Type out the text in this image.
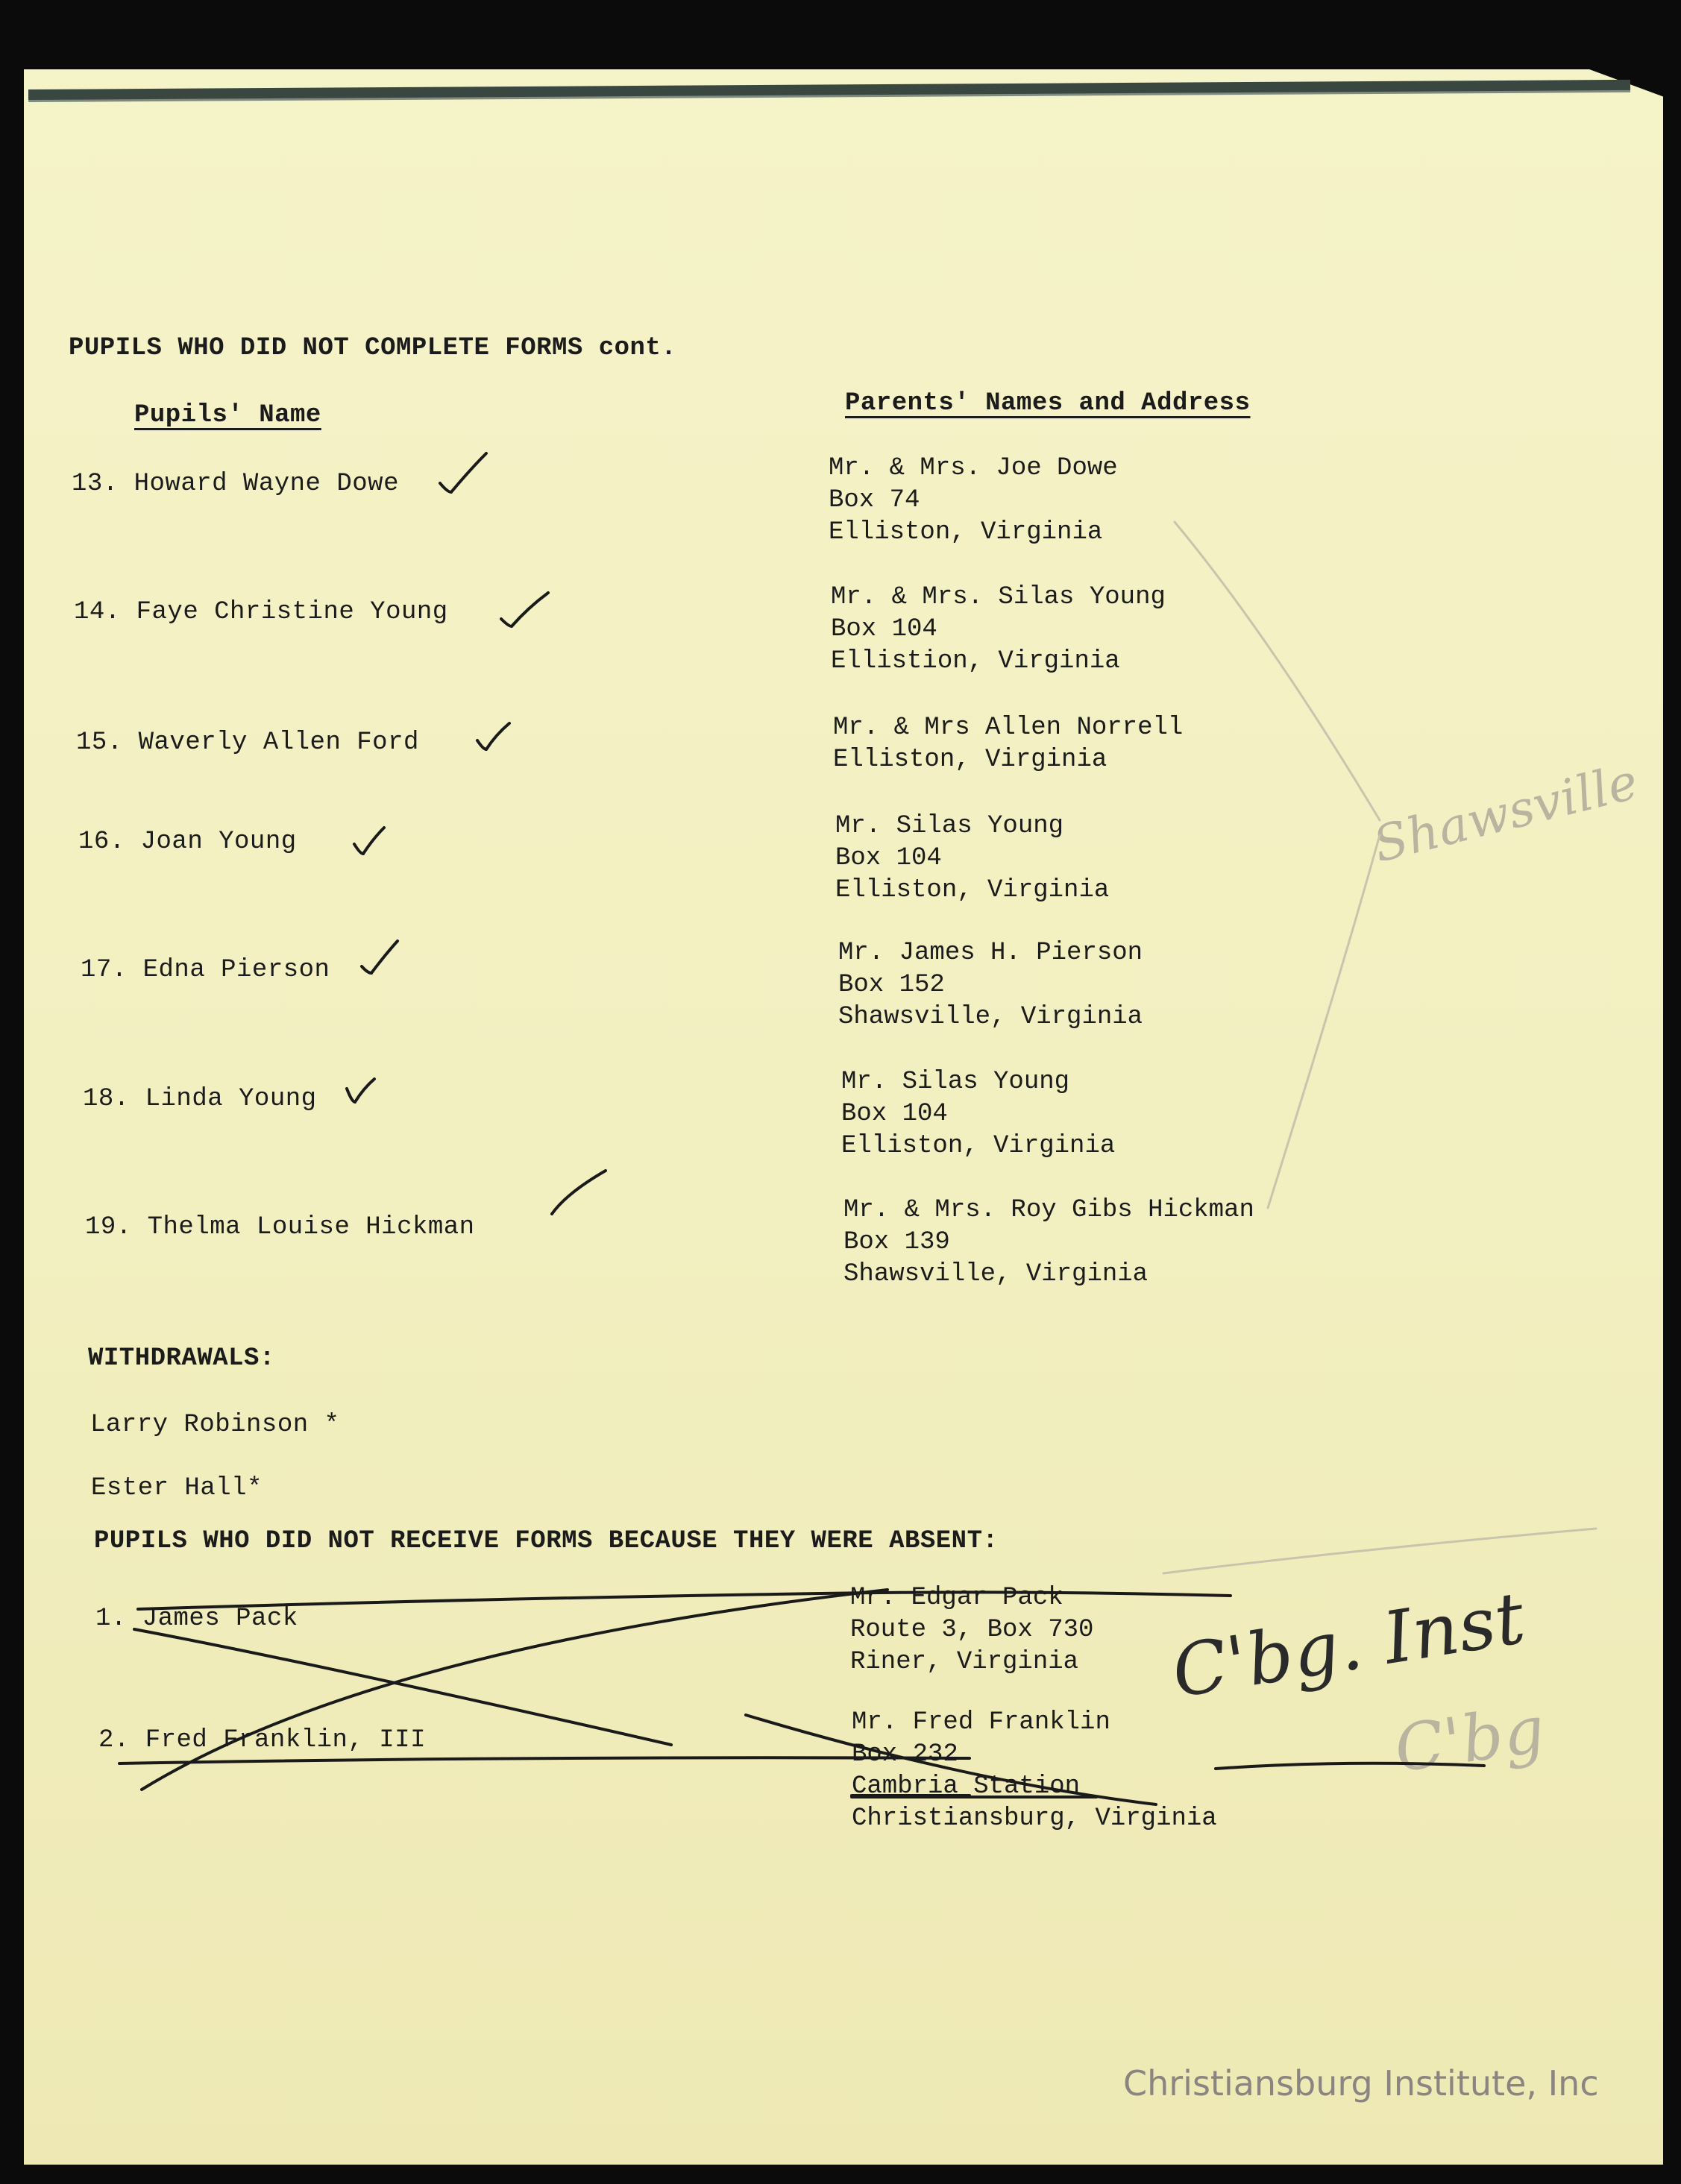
PUPILS WHO DID NOT COMPLETE FORMS cont.
Pupils' Name	Parents' Names and Address
13. Howard Wayne Dowe
Mr. & Mrs. Joe Dowe
Box 74
Elliston, Virginia
14. Faye Christine Young
Mr. & Mrs. Silas Young
Box 104
Ellistion, Virginia
15. Waverly Allen Ford
Mr. & Mrs Allen Norrell
Elliston, Virginia
16. Joan Young
Mr. Silas Young
Box 104
Elliston, Virginia
17. Edna Pierson
Mr. James H. Pierson
Box 152
Shawsville, Virginia
18. Linda Young
Mr. Silas Young
Box 104
Elliston, Virginia
19. Thelma Louise Hickman
Mr. & Mrs. Roy Gibs Hickman
Box 139
Shawsville, Virginia
WITHDRAWALS:
Larry Robinson *
Ester Hall*
PUPILS WHO DID NOT RECEIVE FORMS BECAUSE THEY WERE ABSENT:
1. James Pack
Mr. Edgar Pack
Route 3, Box 730
Riner, Virginia
2. Fred Franklin, III
Mr. Fred Franklin
Box 232
Cambria Station
Christiansburg, Virginia
Shawsville
C'bg
C'bg. Inst
Christiansburg Institute, Inc
